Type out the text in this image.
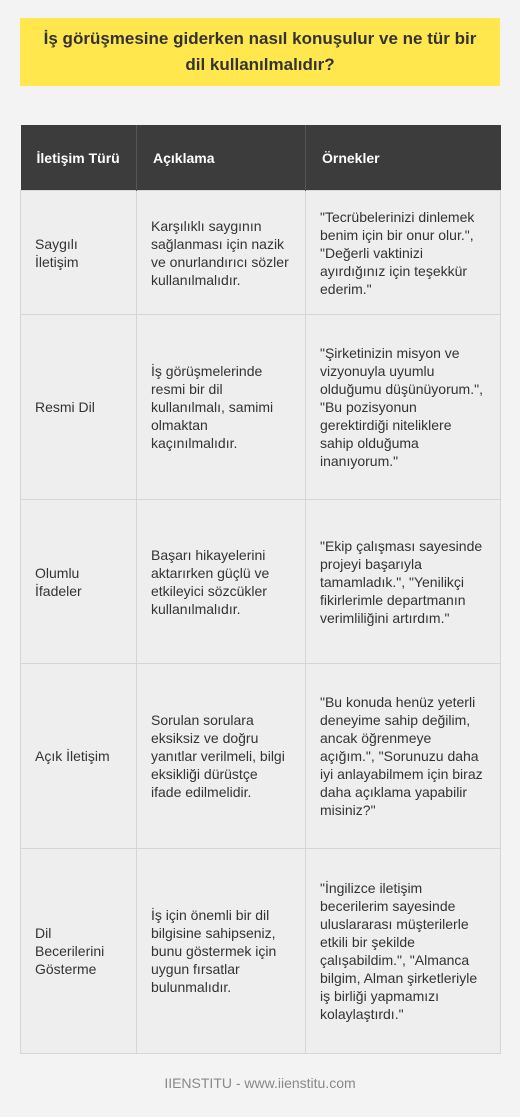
İş görüşmesine giderken nasıl konuşulur ve ne tür bir dil kullanılmalıdır?
İletişim Türü	Açıklama	Örnekler
Saygılı İletişim	Karşılıklı saygının sağlanması için nazik ve onurlandırıcı sözler kullanılmalıdır.	"Tecrübelerinizi dinlemek benim için bir onur olur.", "Değerli vaktinizi ayırdığınız için teşekkür ederim."
Resmi Dil	İş görüşmelerinde resmi bir dil kullanılmalı, samimi olmaktan kaçınılmalıdır.	"Şirketinizin misyon ve vizyonuyla uyumlu olduğumu düşünüyorum.", "Bu pozisyonun gerektirdiği niteliklere sahip olduğuma inanıyorum."
Olumlu İfadeler	Başarı hikayelerini aktarırken güçlü ve etkileyici sözcükler kullanılmalıdır.	"Ekip çalışması sayesinde projeyi başarıyla tamamladık.", "Yenilikçi fikirlerimle departmanın verimliliğini artırdım."
Açık İletişim	Sorulan sorulara eksiksiz ve doğru yanıtlar verilmeli, bilgi eksikliği dürüstçe ifade edilmelidir.	"Bu konuda henüz yeterli deneyime sahip değilim, ancak öğrenmeye açığım.", "Sorunuzu daha iyi anlayabilmem için biraz daha açıklama yapabilir misiniz?"
Dil Becerilerini Gösterme	İş için önemli bir dil bilgisine sahipseniz, bunu göstermek için uygun fırsatlar bulunmalıdır.	"İngilizce iletişim becerilerim sayesinde uluslararası müşterilerle etkili bir şekilde çalışabildim.", "Almanca bilgim, Alman şirketleriyle iş birliği yapmamızı kolaylaştırdı."
IIENSTITU - www.iienstitu.com
